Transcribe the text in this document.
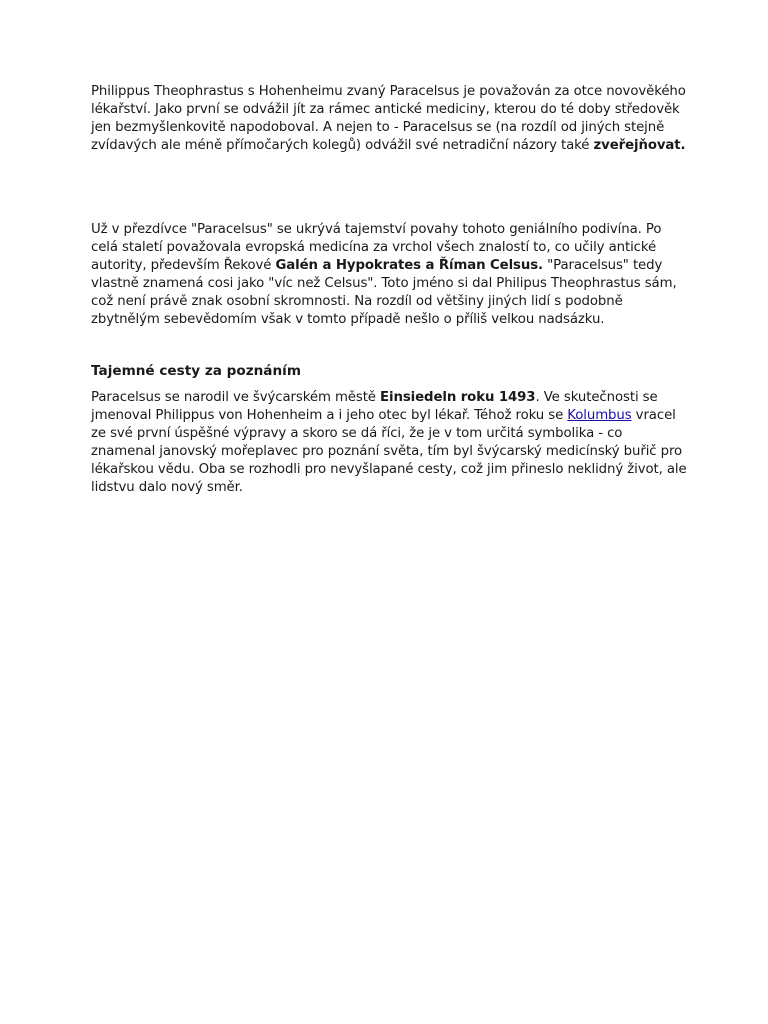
Philippus Theophrastus s Hohenheimu zvaný Paracelsus je považován za otce novověkého lékařství. Jako první se odvážil jít za rámec antické mediciny, kterou do té doby středověk jen bezmyšlenkovitě napodoboval. A nejen to - Paracelsus se (na rozdíl od jiných stejně zvídavých ale méně přímočarých kolegů) odvážil své netradiční názory také zveřejňovat.

Už v přezdívce "Paracelsus" se ukrývá tajemství povahy tohoto geniálního podivína. Po celá staletí považovala evropská medicína za vrchol všech znalostí to, co učily antické autority, především Řekové Galén a Hypokrates a Říman Celsus. "Paracelsus" tedy vlastně znamená cosi jako "víc než Celsus". Toto jméno si dal Philipus Theophrastus sám, což není právě znak osobní skromnosti. Na rozdíl od většiny jiných lidí s podobně zbytnělým sebevědomím však v tomto případě nešlo o příliš velkou nadsázku.

Tajemné cesty za poznáním

Paracelsus se narodil ve švýcarském městě Einsiedeln roku 1493. Ve skutečnosti se jmenoval Philippus von Hohenheim a i jeho otec byl lékař. Téhož roku se Kolumbus vracel ze své první úspěšné výpravy a skoro se dá říci, že je v tom určitá symbolika - co znamenal janovský mořeplavec pro poznání světa, tím byl švýcarský medicínský buřič pro lékařskou vědu. Oba se rozhodli pro nevyšlapané cesty, což jim přineslo neklidný život, ale lidstvu dalo nový směr.
